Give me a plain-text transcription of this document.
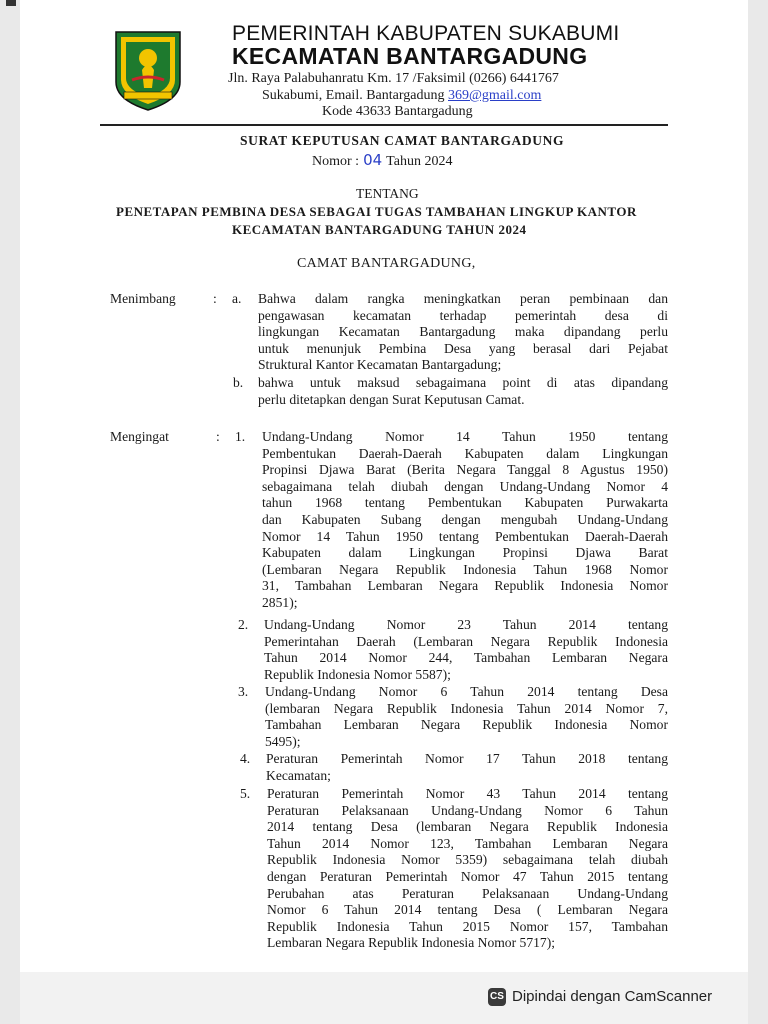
PEMERINTAH KABUPATEN SUKABUMI
KECAMATAN BANTARGADUNG
Jln. Raya Palabuhanratu Km. 17 /Faksimil (0266) 6441767
Sukabumi, Email. Bantargadung 369@gmail.com
Kode 43633 Bantargadung
SURAT KEPUTUSAN CAMAT BANTARGADUNG
Nomor : 04 Tahun 2024
TENTANG
PENETAPAN PEMBINA DESA SEBAGAI TUGAS TAMBAHAN LINGKUP KANTOR
KECAMATAN BANTARGADUNG TAHUN 2024
CAMAT BANTARGADUNG,
Menimbang	: a. Bahwa dalam rangka meningkatkan peran pembinaan dan
pengawasan kecamatan terhadap pemerintah desa di
lingkungan Kecamatan Bantargadung maka dipandang perlu
untuk menunjuk Pembina Desa yang berasal dari Pejabat
Struktural Kantor Kecamatan Bantargadung;
b. bahwa untuk maksud sebagaimana point di atas dipandang
perlu ditetapkan dengan Surat Keputusan Camat.
Mengingat	: 1. Undang-Undang Nomor 14 Tahun 1950 tentang
Pembentukan Daerah-Daerah Kabupaten dalam Lingkungan
Propinsi Djawa Barat (Berita Negara Tanggal 8 Agustus 1950)
sebagaimana telah diubah dengan Undang-Undang Nomor 4
tahun 1968 tentang Pembentukan Kabupaten Purwakarta
dan Kabupaten Subang dengan mengubah Undang-Undang
Nomor 14 Tahun 1950 tentang Pembentukan Daerah-Daerah
Kabupaten dalam Lingkungan Propinsi Djawa Barat
(Lembaran Negara Republik Indonesia Tahun 1968 Nomor
31, Tambahan Lembaran Negara Republik Indonesia Nomor
2851);
2. Undang-Undang Nomor 23 Tahun 2014 tentang
Pemerintahan Daerah (Lembaran Negara Republik Indonesia
Tahun 2014 Nomor 244, Tambahan Lembaran Negara
Republik Indonesia Nomor 5587);
3. Undang-Undang Nomor 6 Tahun 2014 tentang Desa
(lembaran Negara Republik Indonesia Tahun 2014 Nomor 7,
Tambahan Lembaran Negara Republik Indonesia Nomor
5495);
4. Peraturan Pemerintah Nomor 17 Tahun 2018 tentang
Kecamatan;
5. Peraturan Pemerintah Nomor 43 Tahun 2014 tentang
Peraturan Pelaksanaan Undang-Undang Nomor 6 Tahun
2014 tentang Desa (lembaran Negara Republik Indonesia
Tahun 2014 Nomor 123, Tambahan Lembaran Negara
Republik Indonesia Nomor 5359) sebagaimana telah diubah
dengan Peraturan Pemerintah Nomor 47 Tahun 2015 tentang
Perubahan atas Peraturan Pelaksanaan Undang-Undang
Nomor 6 Tahun 2014 tentang Desa ( Lembaran Negara
Republik Indonesia Tahun 2015 Nomor 157, Tambahan
Lembaran Negara Republik Indonesia Nomor 5717);
CS Dipindai dengan CamScanner
